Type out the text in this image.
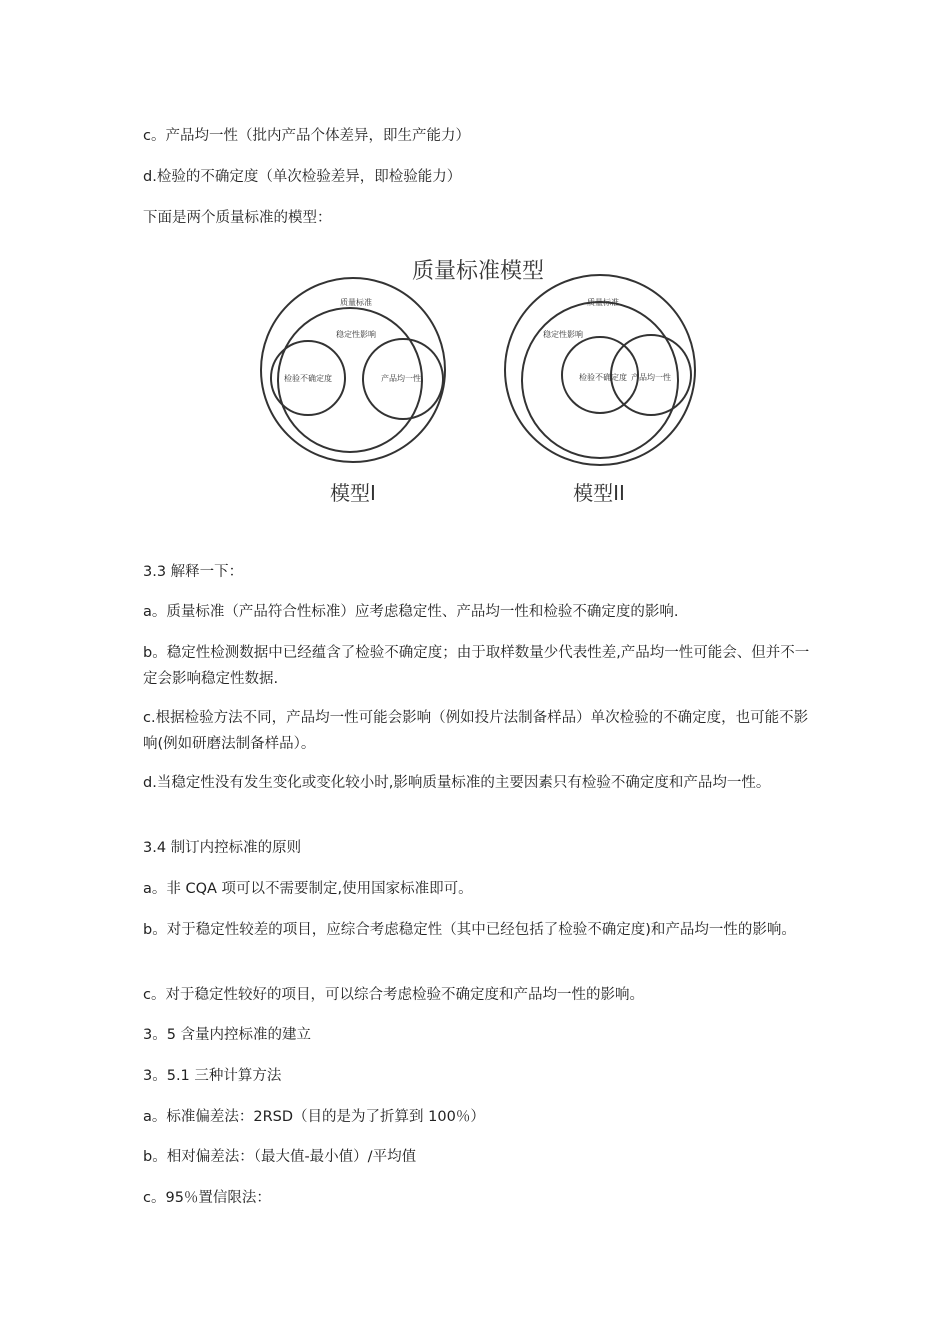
c。产品均一性（批内产品个体差异，即生产能力）
d.检验的不确定度（单次检验差异，即检验能力）
下面是两个质量标准的模型：
质量标准模型
质量标准
稳定性影响
检验不确定度	产品均一性
模型I
质量标准
稳定性影响
检验不确定度 产品均一性
模型II
3.3 解释一下：
a。质量标准（产品符合性标准）应考虑稳定性、产品均一性和检验不确定度的影响.
b。稳定性检测数据中已经蕴含了检验不确定度；由于取样数量少代表性差,产品均一性可能会、但并不一定会影响稳定性数据.
c.根据检验方法不同，产品均一性可能会影响（例如投片法制备样品）单次检验的不确定度，也可能不影响(例如研磨法制备样品）。
d.当稳定性没有发生变化或变化较小时,影响质量标准的主要因素只有检验不确定度和产品均一性。
3.4 制订内控标准的原则
a。非 CQA 项可以不需要制定,使用国家标准即可。
b。对于稳定性较差的项目，应综合考虑稳定性（其中已经包括了检验不确定度)和产品均一性的影响。
c。对于稳定性较好的项目，可以综合考虑检验不确定度和产品均一性的影响。
3。5 含量内控标准的建立
3。5.1 三种计算方法
a。标准偏差法：2RSD（目的是为了折算到 100％）
b。相对偏差法：（最大值-最小值）/平均值
c。95％置信限法：
